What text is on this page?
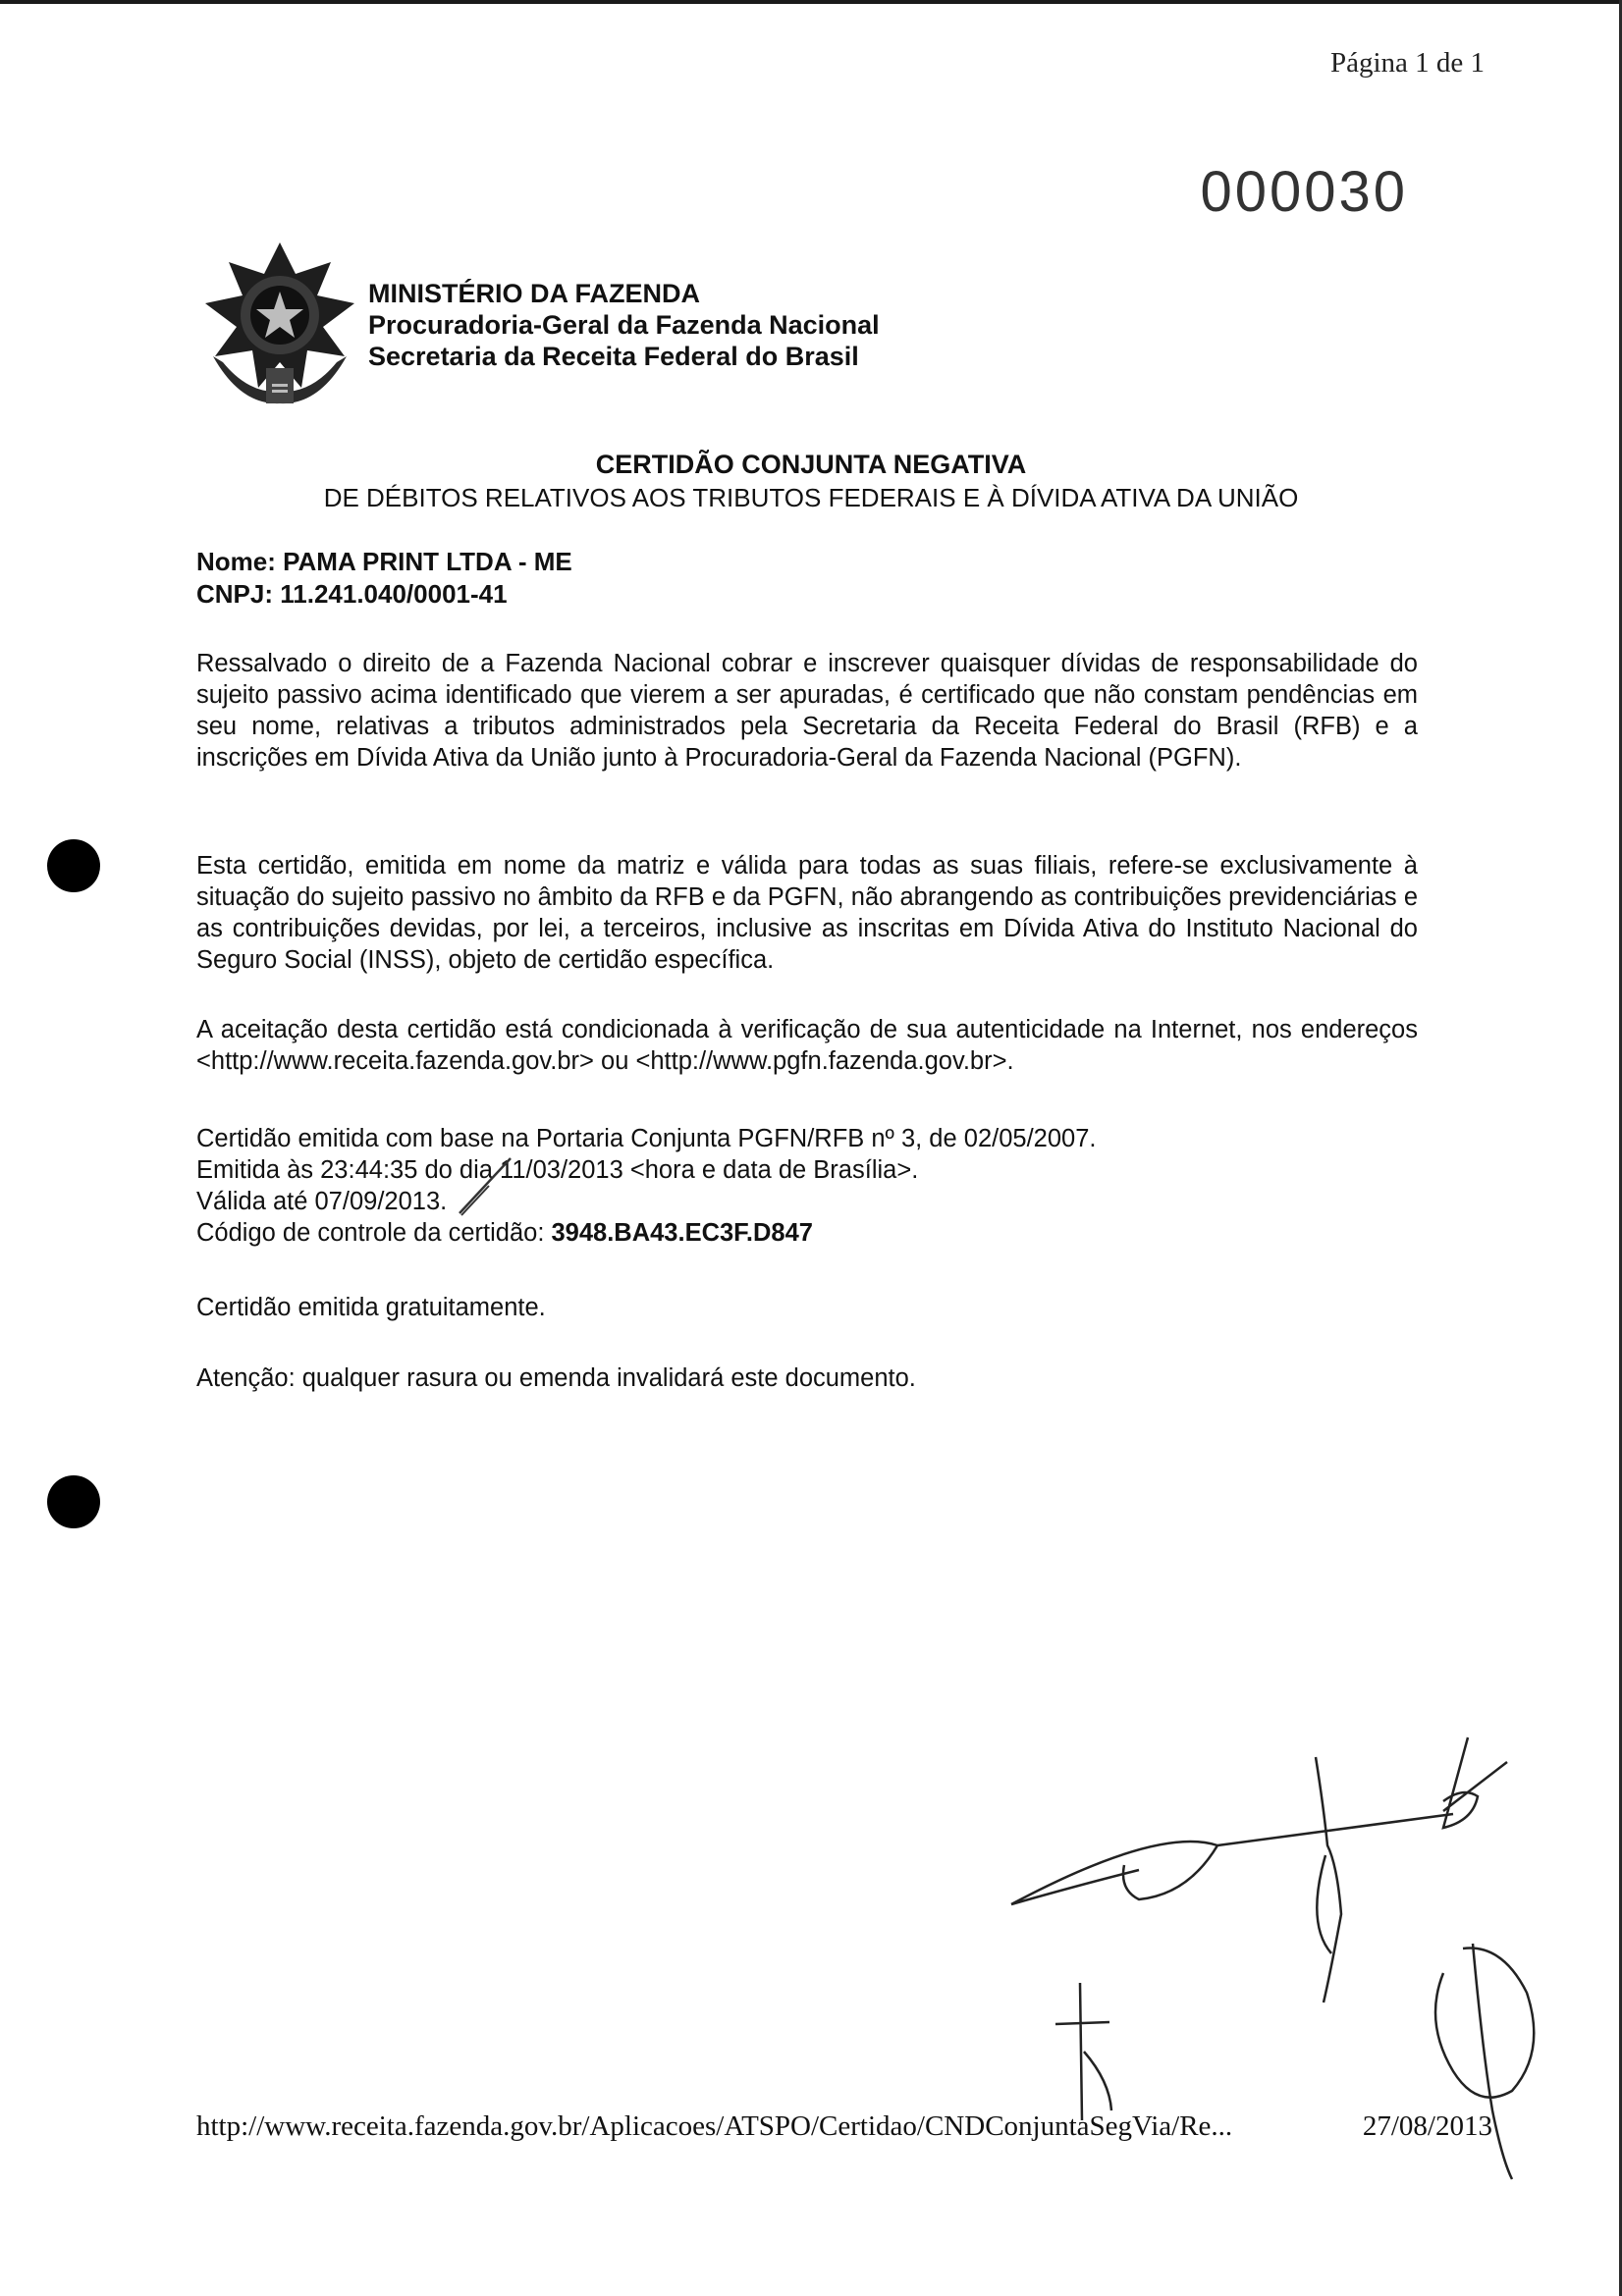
Página 1 de 1
000030
MINISTÉRIO DA FAZENDA
Procuradoria-Geral da Fazenda Nacional
Secretaria da Receita Federal do Brasil
CERTIDÃO CONJUNTA NEGATIVA
DE DÉBITOS RELATIVOS AOS TRIBUTOS FEDERAIS E À DÍVIDA ATIVA DA UNIÃO
Nome: PAMA PRINT LTDA - ME
CNPJ: 11.241.040/0001-41

Ressalvado o direito de a Fazenda Nacional cobrar e inscrever quaisquer dívidas de responsabilidade do sujeito passivo acima identificado que vierem a ser apuradas, é certificado que não constam pendências em seu nome, relativas a tributos administrados pela Secretaria da Receita Federal do Brasil (RFB) e a inscrições em Dívida Ativa da União junto à Procuradoria-Geral da Fazenda Nacional (PGFN).

Esta certidão, emitida em nome da matriz e válida para todas as suas filiais, refere-se exclusivamente à situação do sujeito passivo no âmbito da RFB e da PGFN, não abrangendo as contribuições previdenciárias e as contribuições devidas, por lei, a terceiros, inclusive as inscritas em Dívida Ativa do Instituto Nacional do Seguro Social (INSS), objeto de certidão específica.

A aceitação desta certidão está condicionada à verificação de sua autenticidade na Internet, nos endereços <http://www.receita.fazenda.gov.br> ou <http://www.pgfn.fazenda.gov.br>.

Certidão emitida com base na Portaria Conjunta PGFN/RFB nº 3, de 02/05/2007.
Emitida às 23:44:35 do dia 11/03/2013 <hora e data de Brasília>.
Válida até 07/09/2013.
Código de controle da certidão: 3948.BA43.EC3F.D847
Certidão emitida gratuitamente.
Atenção: qualquer rasura ou emenda invalidará este documento.
http://www.receita.fazenda.gov.br/Aplicacoes/ATSPO/Certidao/CNDConjuntaSegVia/Re...	27/08/2013
